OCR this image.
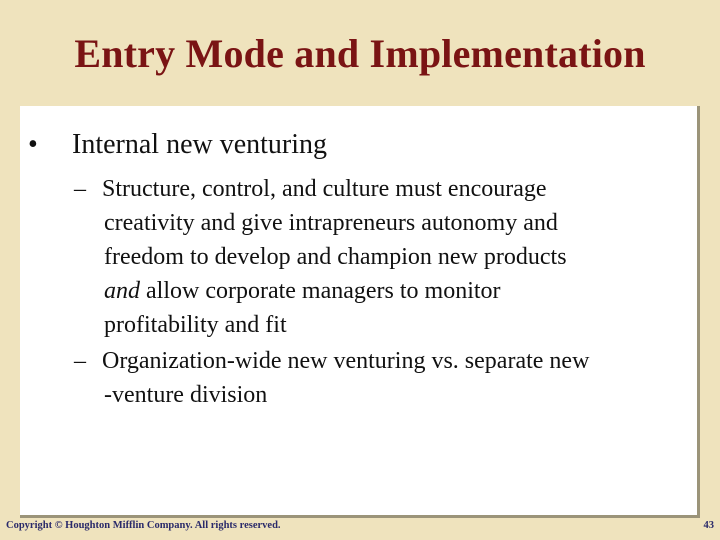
Entry Mode and Implementation
• Internal new venturing
– Structure, control, and culture must encourage
creativity and give intrapreneurs autonomy and
freedom to develop and champion new products
and allow corporate managers to monitor
profitability and fit
– Organization-wide new venturing vs. separate new
-venture division
Copyright © Houghton Mifflin Company. All rights reserved.	43
